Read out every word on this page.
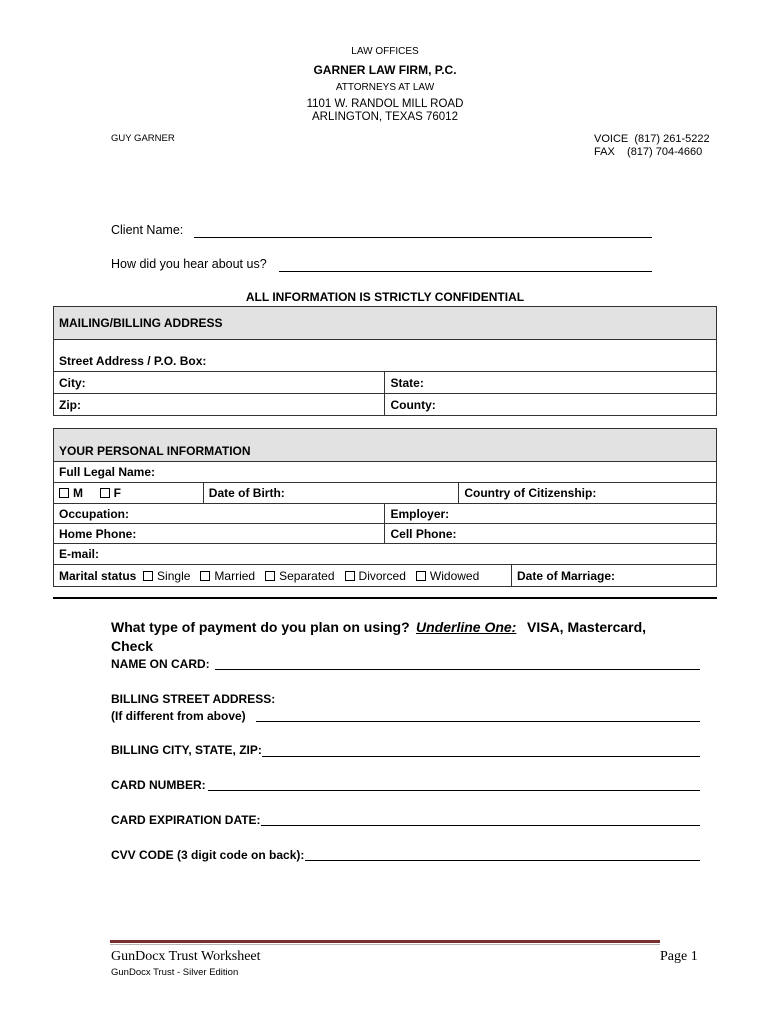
LAW OFFICES
GARNER LAW FIRM, P.C.
ATTORNEYS AT LAW
1101 W. RANDOL MILL ROAD
ARLINGTON, TEXAS 76012
GUY GARNER	VOICE (817) 261-5222
FAX (817) 704-4660
Client Name:
How did you hear about us?
ALL INFORMATION IS STRICTLY CONFIDENTIAL
MAILING/BILLING ADDRESS	
Street Address / P.O. Box:	
City:	State:
Zip:	County:
YOUR PERSONAL INFORMATION			
Full Legal Name:			
M F	Date of Birth:		Country of Citizenship:
Occupation:		Employer:	
Home Phone:		Cell Phone:	
E-mail:			

Marital status Single Married Separated Divorced Widowed Date of Marriage:			
What type of payment do you plan on using? Underline One: VISA, Mastercard,
Check
NAME ON CARD:
BILLING STREET ADDRESS:
(If different from above)
BILLING CITY, STATE, ZIP:
CARD NUMBER:
CARD EXPIRATION DATE:
CVV CODE (3 digit code on back):
GunDocx Trust Worksheet	Page 1
GunDocx Trust - Silver Edition
